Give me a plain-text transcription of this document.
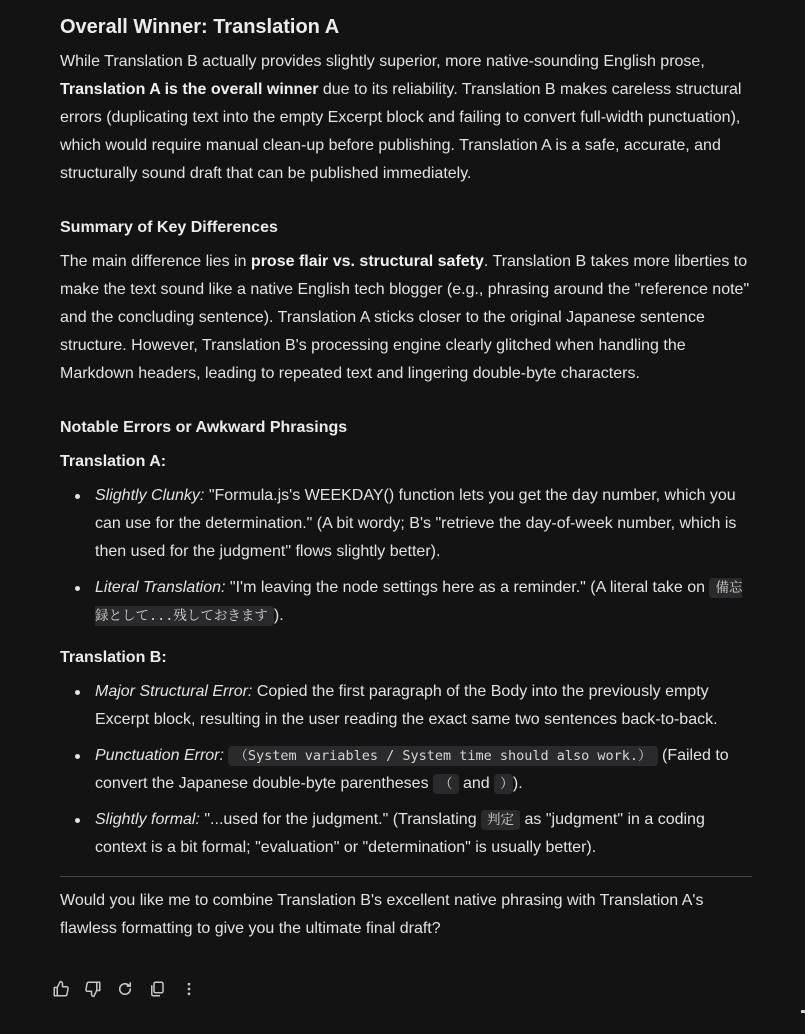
Overall Winner: Translation A

While Translation B actually provides slightly superior, more native-sounding English prose, Translation A is the overall winner due to its reliability. Translation B makes careless structural errors (duplicating text into the empty Excerpt block and failing to convert full-width punctuation), which would require manual clean-up before publishing. Translation A is a safe, accurate, and structurally sound draft that can be published immediately.

Summary of Key Differences

The main difference lies in prose flair vs. structural safety. Translation B takes more liberties to make the text sound like a native English tech blogger (e.g., phrasing around the "reference note" and the concluding sentence). Translation A sticks closer to the original Japanese sentence structure. However, Translation B's processing engine clearly glitched when handling the Markdown headers, leading to repeated text and lingering double-byte characters.

Notable Errors or Awkward Phrasings
Translation A:
Slightly Clunky: "Formula.js's WEEKDAY() function lets you get the day number, which you can use for the determination." (A bit wordy; B's "retrieve the day-of-week number, which is then used for the judgment" flows slightly better).
Literal Translation: "I'm leaving the node settings here as a reminder." (A literal take on 備忘録として...残しておきます ).
Translation B:
Major Structural Error: Copied the first paragraph of the Body into the previously empty Excerpt block, resulting in the user reading the exact same two sentences back-to-back.
Punctuation Error: （System variables / System time should also work.） (Failed to convert the Japanese double-byte parentheses （ and ） ).
Slightly formal: "...used for the judgment." (Translating 判定 as "judgment" in a coding context is a bit formal; "evaluation" or "determination" is usually better).

Would you like me to combine Translation B's excellent native phrasing with Translation A's flawless formatting to give you the ultimate final draft?
